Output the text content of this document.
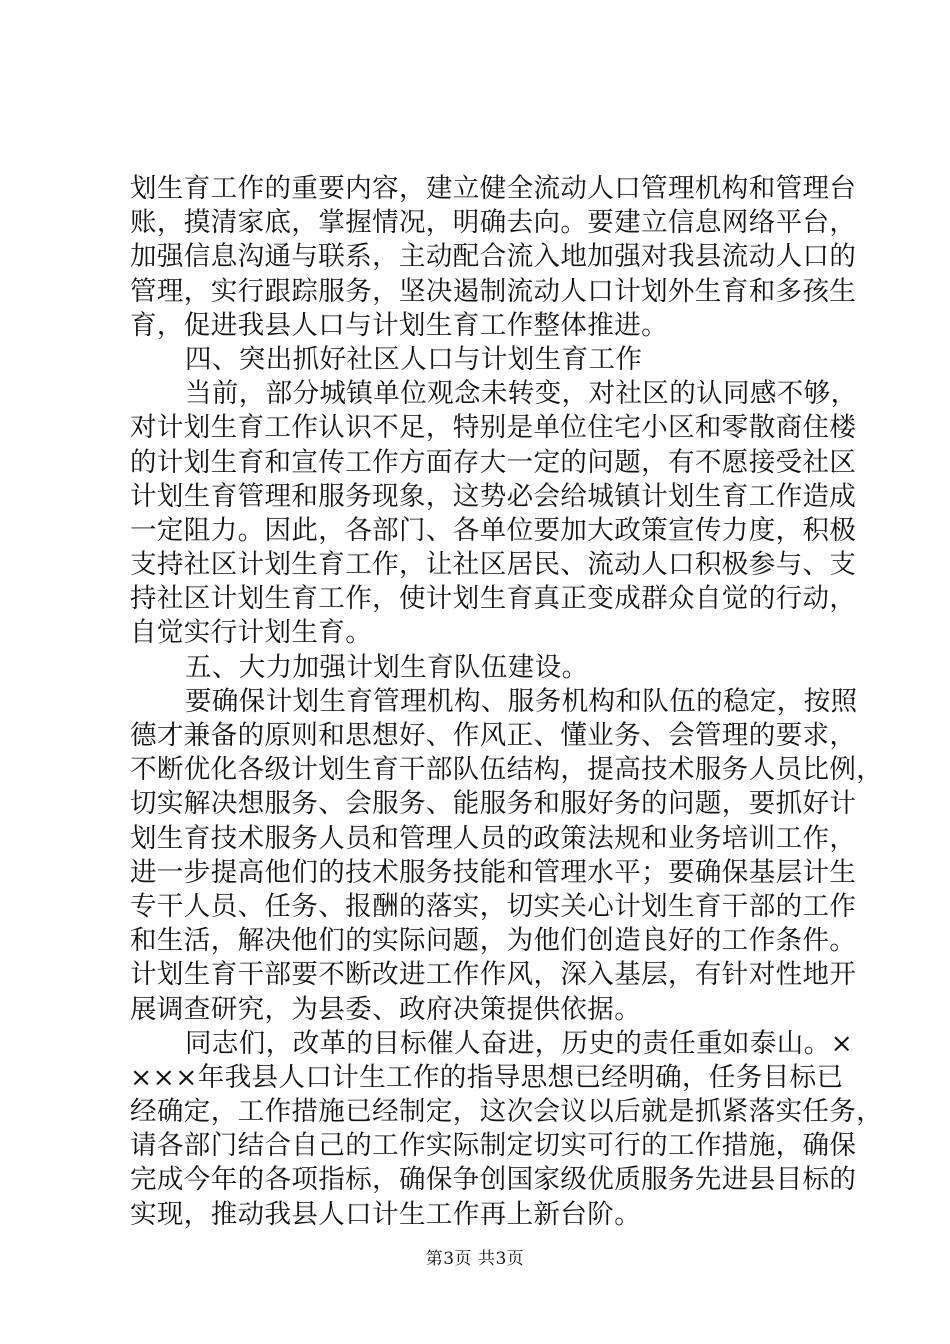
划生育工作的重要内容，建立健全流动人口管理机构和管理台
账，摸清家底，掌握情况，明确去向。要建立信息网络平台，
加强信息沟通与联系，主动配合流入地加强对我县流动人口的
管理，实行跟踪服务，坚决遏制流动人口计划外生育和多孩生
育，促进我县人口与计划生育工作整体推进。
四、突出抓好社区人口与计划生育工作
当前，部分城镇单位观念未转变，对社区的认同感不够，
对计划生育工作认识不足，特别是单位住宅小区和零散商住楼
的计划生育和宣传工作方面存大一定的问题，有不愿接受社区
计划生育管理和服务现象，这势必会给城镇计划生育工作造成
一定阻力。因此，各部门、各单位要加大政策宣传力度，积极
支持社区计划生育工作，让社区居民、流动人口积极参与、支
持社区计划生育工作，使计划生育真正变成群众自觉的行动，
自觉实行计划生育。
五、大力加强计划生育队伍建设。
要确保计划生育管理机构、服务机构和队伍的稳定，按照
德才兼备的原则和思想好、作风正、懂业务、会管理的要求，
不断优化各级计划生育干部队伍结构，提高技术服务人员比例，
切实解决想服务、会服务、能服务和服好务的问题，要抓好计
划生育技术服务人员和管理人员的政策法规和业务培训工作，
进一步提高他们的技术服务技能和管理水平；要确保基层计生
专干人员、任务、报酬的落实，切实关心计划生育干部的工作
和生活，解决他们的实际问题，为他们创造良好的工作条件。
计划生育干部要不断改进工作作风，深入基层，有针对性地开
展调查研究，为县委、政府决策提供依据。
同志们，改革的目标催人奋进，历史的责任重如泰山。×
×××年我县人口计生工作的指导思想已经明确，任务目标已
经确定，工作措施已经制定，这次会议以后就是抓紧落实任务，
请各部门结合自己的工作实际制定切实可行的工作措施，确保
完成今年的各项指标，确保争创国家级优质服务先进县目标的
实现，推动我县人口计生工作再上新台阶。
第3页 共3页
